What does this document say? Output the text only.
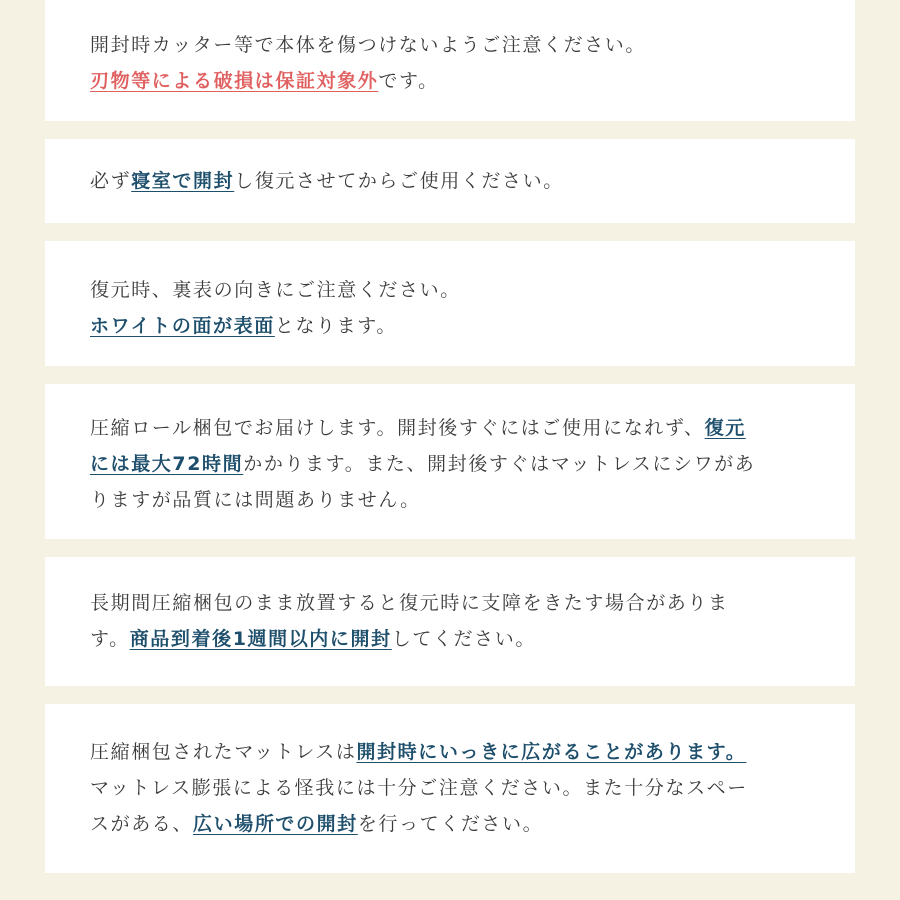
開封時カッター等で本体を傷つけないようご注意ください。
刃物等による破損は保証対象外です。
必ず寝室で開封し復元させてからご使用ください。
復元時、裏表の向きにご注意ください。
ホワイトの面が表面となります。
圧縮ロール梱包でお届けします。開封後すぐにはご使用になれず、復元
には最大72時間かかります。また、開封後すぐはマットレスにシワがあ
りますが品質には問題ありません。
長期間圧縮梱包のまま放置すると復元時に支障をきたす場合がありま
す。商品到着後1週間以内に開封してください。
圧縮梱包されたマットレスは開封時にいっきに広がることがあります。
マットレス膨張による怪我には十分ご注意ください。また十分なスペー
スがある、広い場所での開封を行ってください。
